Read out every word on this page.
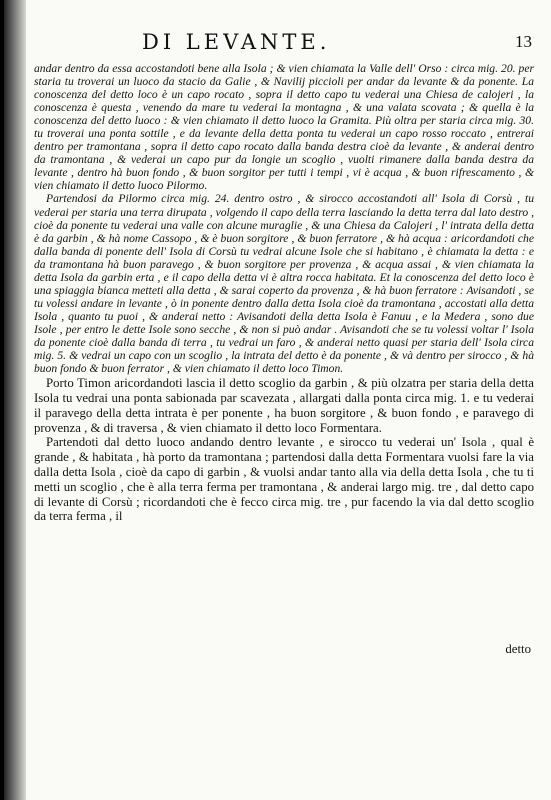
DI LEVANTE.	13

andar dentro da essa accostandoti bene alla Isola ; & vien chiamata la Valle dell' Orso : circa mig. 20. per staria tu troverai un luoco da stacio da Galie , & Navilij piccioli per andar da levante & da ponente. La conoscenza del detto loco è un capo rocato , sopra il detto capo tu vederai una Chiesa de calojeri , la conoscenza è questa , venendo da mare tu vederai la montagna , & una valata scovata ; & quella è la conoscenza del detto luoco : & vien chiamato il detto luoco la Gramita. Più oltra per staria circa mig. 30. tu troverai una ponta sottile , e da levante della detta ponta tu vederai un capo rosso roccato , entrerai dentro per tramontana , sopra il detto capo rocato dalla banda destra cioè da levante , & anderai dentro da tramontana , & vederai un capo pur da longie un scoglio , vuolti rimanere dalla banda destra da levante , dentro hà buon fondo , & buon sorgitor per tutti i tempi , vi è acqua , & buon rifrescamento , & vien chiamato il detto luoco Pilormo.

Partendosi da Pilormo circa mig. 24. dentro ostro , & sirocco accostandoti all' Isola di Corsù , tu vederai per staria una terra dirupata , volgendo il capo della terra lasciando la detta terra dal lato destro , cioè da ponente tu vederai una valle con alcune muraglie , & una Chiesa da Calojeri , l' intrata della detta è da garbin , & hà nome Cassopo , & è buon sorgitore , & buon ferratore , & hà acqua : aricordandoti che dalla banda di ponente dell' Isola di Corsù tu vedrai alcune Isole che si habitano , è chiamata la detta : e da tramontana hà buon paravego , & buon sorgitore per provenza , & acqua assai , & vien chiamata la detta Isola da garbin erta , e il capo della detta vi è altra rocca habitata. Et la conoscenza del detto loco è una spiaggia bianca metteti alla detta , & sarai coperto da provenza , & hà buon ferratore : Avisandoti , se tu volessi andare in levante , ò in ponente dentro dalla detta Isola cioè da tramontana , accostati alla detta Isola , quanto tu puoi , & anderai netto : Avisandoti della detta Isola è Fanuu , e la Medera , sono due Isole , per entro le dette Isole sono secche , & non si può andar . Avisandoti che se tu volessi voltar l' Isola da ponente cioè dalla banda di terra , tu vedrai un faro , & anderai netto quasi per staria dell' Isola circa mig. 5. & vedrai un capo con un scoglio , la intrata del detto è da ponente , & và dentro per sirocco , & hà buon fondo & buon ferrator , & vien chiamato il detto loco Timon.

Porto Timon aricordandoti lascia il detto scoglio da garbin , & più olzatra per staria della detta Isola tu vedrai una ponta sabionada par scavezata , allargati dalla ponta circa mig. 1. e tu vederai il paravego della detta intrata è per ponente , ha buon sorgitore , & buon fondo , e paravego di provenza , & di traversa , & vien chiamato il detto loco Formentara.

Partendoti dal detto luoco andando dentro levante , e sirocco tu vederai un' Isola , qual è grande , & habitata , hà porto da tramontana ; partendosi dalla detta Formentara vuolsi fare la via dalla detta Isola , cioè da capo di garbin , & vuolsi andar tanto alla via della detta Isola , che tu ti metti un scoglio , che è alla terra ferma per tramontana , & anderai largo mig. tre , dal detto capo di levante di Corsù ; ricordandoti che è fecco circa mig. tre , pur facendo la via dal detto scoglio da terra ferma , il

detto
